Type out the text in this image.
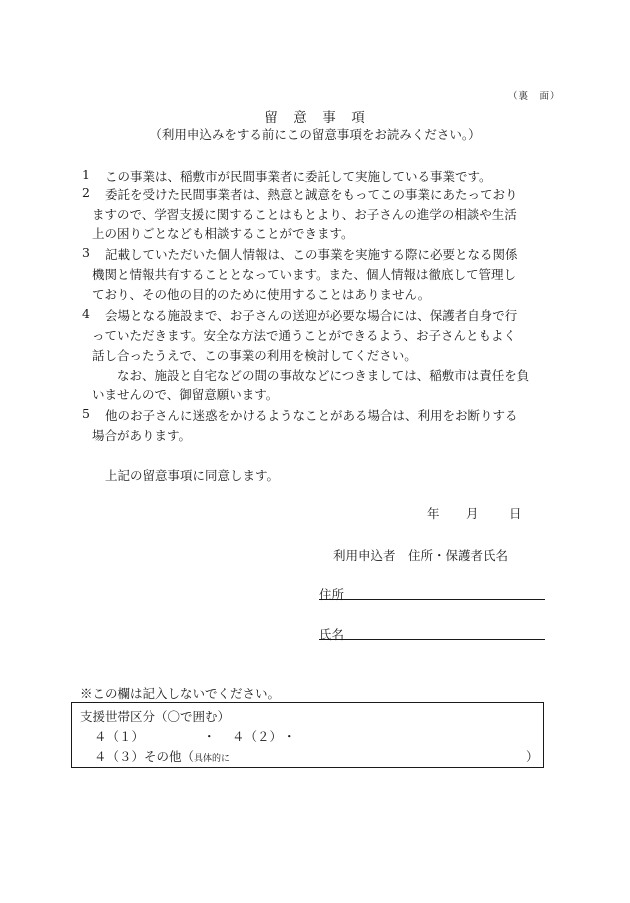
（裏　面）
留　意　事　項
（利用申込みをする前にこの留意事項をお読みください。）
1 この事業は、稲敷市が民間事業者に委託して実施している事業です。
2 委託を受けた民間事業者は、熱意と誠意をもってこの事業にあたっており
ますので、学習支援に関することはもとより、お子さんの進学の相談や生活
上の困りごとなども相談することができます。
3 記載していただいた個人情報は、この事業を実施する際に必要となる関係
機関と情報共有することとなっています。また、個人情報は徹底して管理し
ており、その他の目的のために使用することはありません。
4 会場となる施設まで、お子さんの送迎が必要な場合には、保護者自身で行
っていただきます。安全な方法で通うことができるよう、お子さんともよく
話し合ったうえで、この事業の利用を検討してください。
なお、施設と自宅などの間の事故などにつきましては、稲敷市は責任を負
いませんので、御留意願います。
5 他のお子さんに迷惑をかけるようなことがある場合は、利用をお断りする
場合があります。
上記の留意事項に同意します。
年 月 日
利用申込者　住所・保護者氏名
住所
氏名
※この欄は記入しないでください。
支援世帯区分（〇で囲む）
４（１）	・ ４（２） ・
４（３）その他（具体的に	）
